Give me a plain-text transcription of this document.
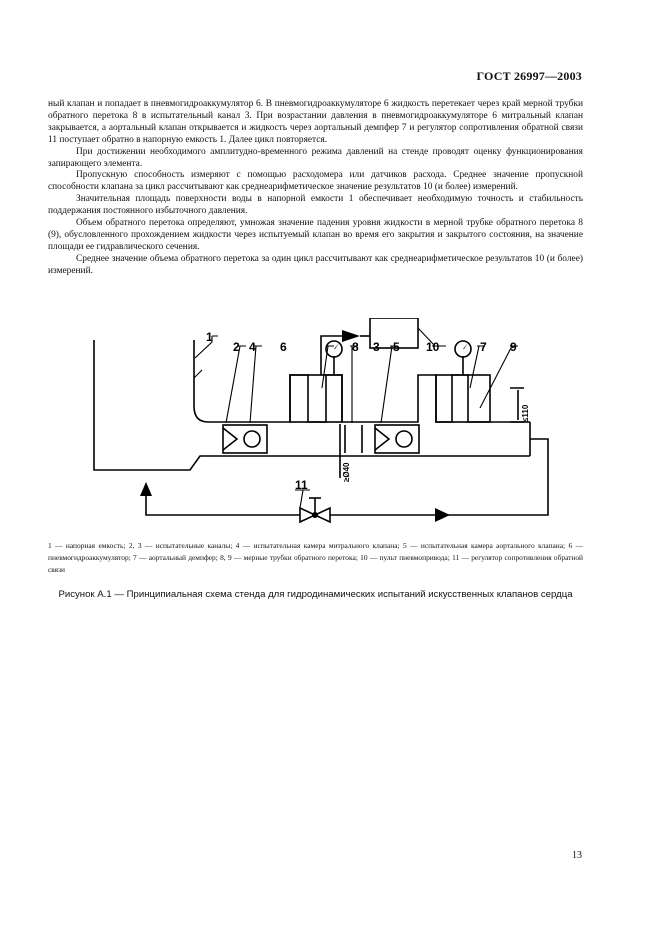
ГОСТ 26997—2003

ный клапан и попадает в пневмогидроаккумулятор 6. В пневмогидроаккумуляторе 6 жидкость перетекает через край мерной трубки обратного перетока 8 в испытательный канал 3. При возрастании давления в пневмогидроаккумуляторе 6 митральный клапан закрывается, а аортальный клапан открывается и жидкость через аортальный демпфер 7 и регулятор сопротивления обратной связи 11 поступает обратно в напорную емкость 1. Далее цикл повторяется.

При достижении необходимого амплитудно-временного режима давлений на стенде проводят оценку функционирования запирающего элемента.

Пропускную способность измеряют с помощью расходомера или датчиков расхода. Среднее значение пропускной способности клапана за цикл рассчитывают как среднеарифметическое значение результатов 10 (и более) измерений.

Значительная площадь поверхности воды в напорной емкости 1 обеспечивает необходимую точность и стабильность поддержания постоянного избыточного давления.

Объем обратного перетока определяют, умножая значение падения уровня жидкости в мерной трубке обратного перетока 8 (9), обусловленного прохождением жидкости через испытуемый клапан во время его закрытия и закрытого состояния, на значение площади ее гидравлического сечения.

Среднее значение объема обратного перетока за один цикл рассчитывают как среднеарифметическое результатов 10 (и более) измерений.

1
2 4 6	8 3 5 10	7 9
11
≤110
≥Ø40
1 — напорная емкость; 2, 3 — испытательные каналы; 4 — испытательная камера митрального клапана; 5 — испытательная камера аортального клапана; 6 — пневмогидроаккумулятор; 7 — аортальный демпфер; 8, 9 — мерные трубки обратного перетока; 10 — пульт пневмопривода; 11 — регулятор сопротивления обратной связи
Рисунок А.1 — Принципиальная схема стенда для гидродинамических испытаний искусственных клапанов сердца
13
